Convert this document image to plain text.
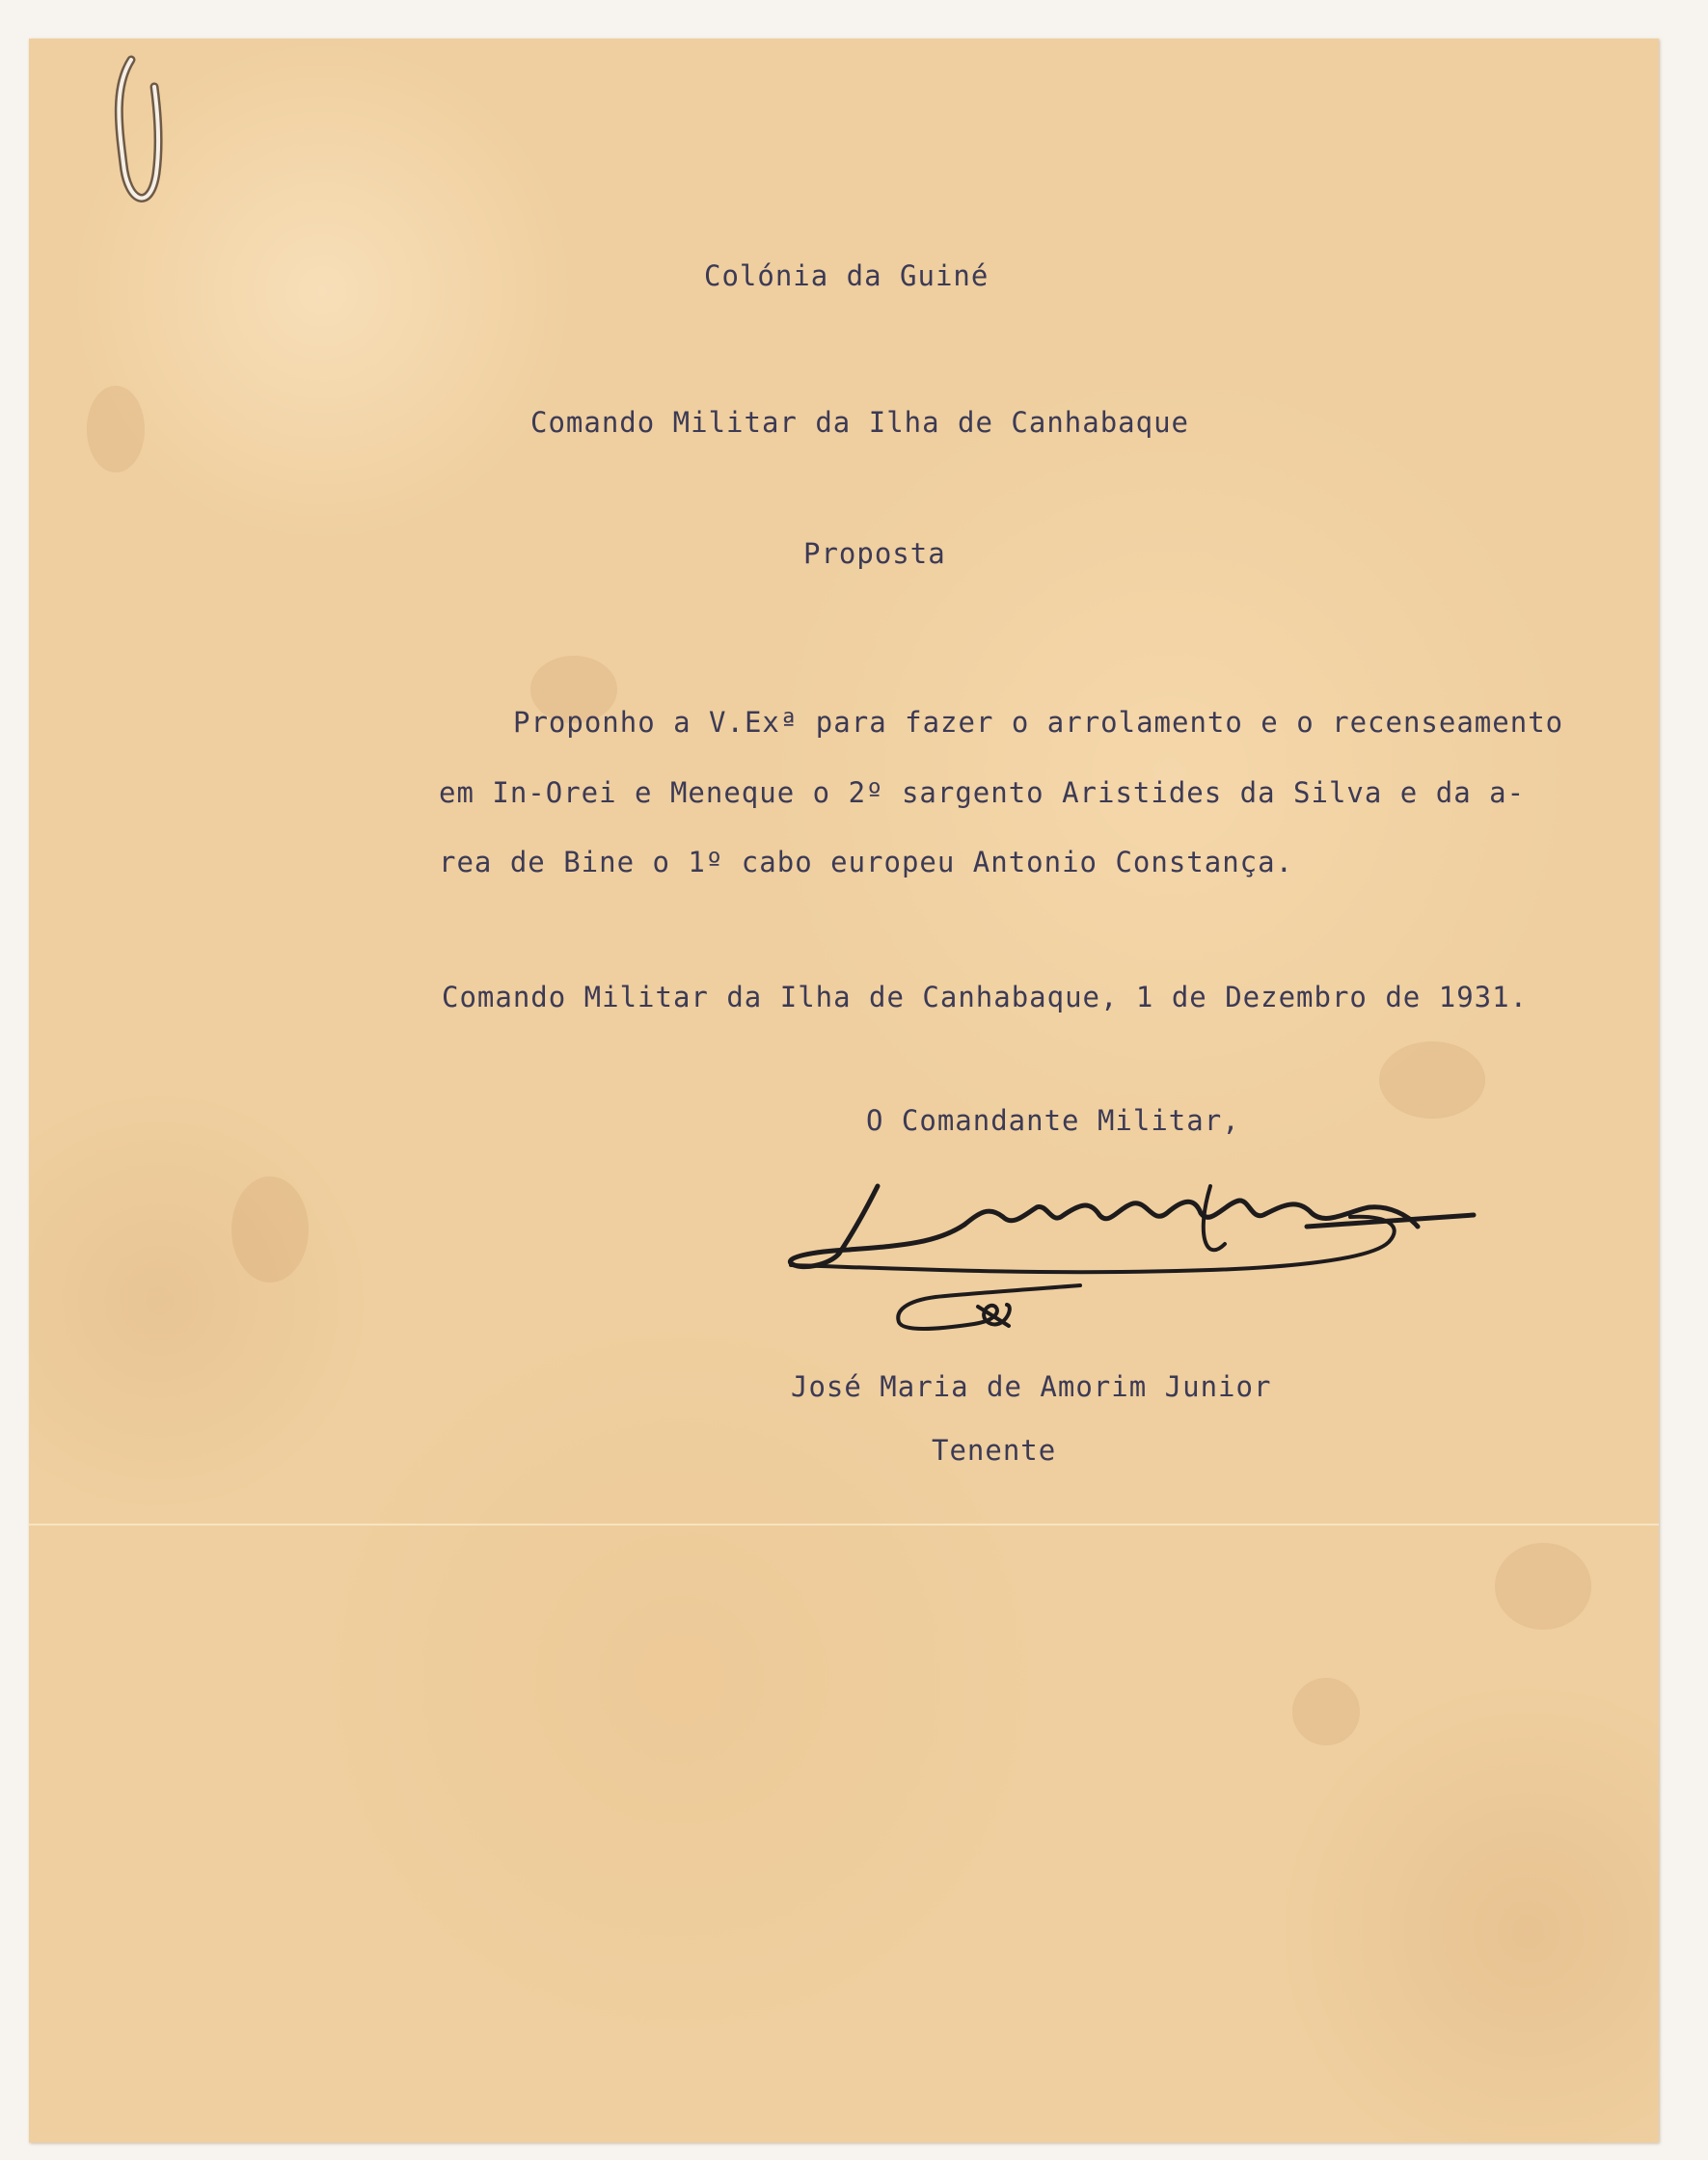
Colónia da Guiné

Comando Militar da Ilha de Canhabaque

Proposta

Proponho a V.Exª para fazer o arrolamento e o recenseamento

em In-Orei e Meneque o 2º sargento Aristides da Silva e da a-

rea de Bine o 1º cabo europeu Antonio Constança.

Comando Militar da Ilha de Canhabaque, 1 de Dezembro de 1931.

O Comandante Militar,

José Maria de Amorim Junior

Tenente
